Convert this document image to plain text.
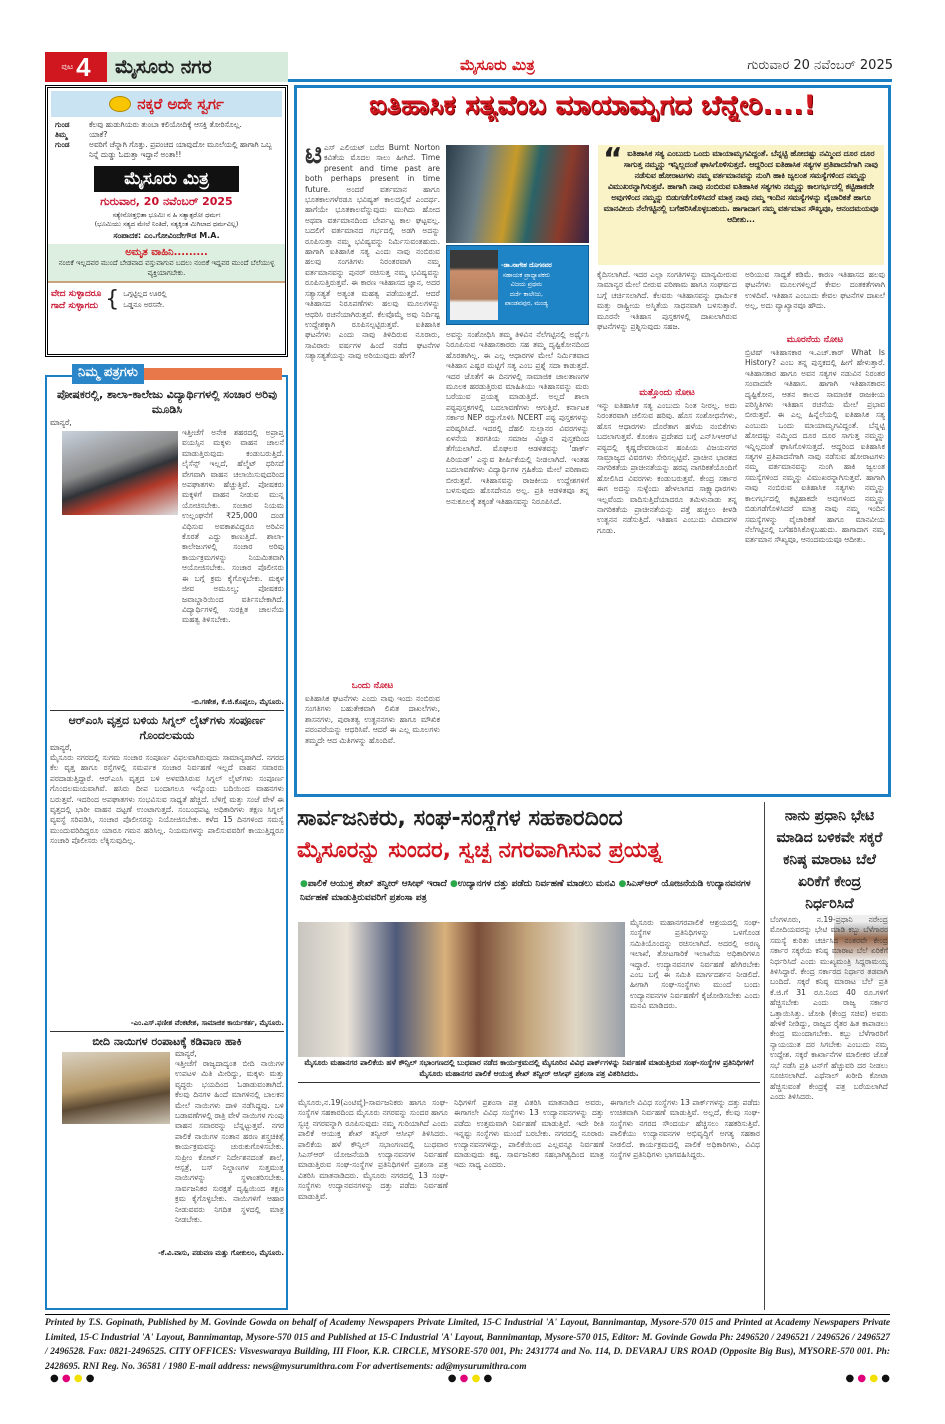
ಪುಟ 4 ಮೈಸೂರು ನಗರ	ಮೈಸೂರು ಮಿತ್ರ	ಗುರುವಾರ 20 ನವೆಂಬರ್ 2025
ನಕ್ಕರೆ ಅದೇ ಸ್ವರ್ಗ
ಗುಂಡ	ಕೆಲವು ಹುಡುಗಿಯರು ತುಂಬಾ ಕಲಿಯೋದಿಕ್ಕೆ ಆಸಕ್ತಿ ತೋರಿಸೊಲ್ಲ.
ತಿಮ್ಮ	ಯಾಕೆ?
ಗುಂಡ	ಅವರಿಗೆ ಚೆನ್ನಾಗಿ ಗೊತ್ತು. ಪ್ರಪಂಚದ ಯಾವುದೋ ಮೂಲೆಯಲ್ಲಿ ಹಾಗಾಗಿ ಒಬ್ಬ ನಿನ್ನೆ ದುಡ್ಡು ಓದುತ್ತಾ ಇದ್ದಾನೆ ಅಂತಾ!!
ಮೈಸೂರು ಮಿತ್ರ
ಗುರುವಾರ, 20 ನವೆಂಬರ್ 2025
ಸತ್ಯೇನೋತ್ತಭಿತಾ ಭೂಮಿಃ ನ ಹಿ ಸತ್ಯಾತ್ಪರೋ ಧರ್ಮಃ
(ಭೂಮಿಯು ಸತ್ಯದ ಮೇಲೆ ನಿಂತಿದೆ, ಸತ್ಯಕ್ಕಿಂತ ಮಿಗಿಲಾದ ಧರ್ಮವಿಲ್ಲ)
ಸಂಪಾದಕ: ಎಂ.ಗೋವಿಂದೇಗೌಡ M.A.
ಅಮೃತ ವಾಹಿನಿ.........
ನಂಬಿಕೆ ಇಲ್ಲದವರ ಮುಂದೆ ಬೇಡವಾದ ವಸ್ತುವಾಗುವ ಬದಲು ನಂಬಿಕೆ ಇದ್ದವರ ಮುಂದೆ ಬೆಲೆಯುಳ್ಳ ವ್ಯಕ್ತಿಯಾಗಬೇಕು.
ವೇದ ಸುಳ್ಳಾದರೂ
ಗಾದೆ ಸುಳ್ಳಾಗದು { ಒಗ್ಗಟ್ಟಿಲ್ಲದ ಊರಲ್ಲಿ
ಒಡ್ಡನೂ ಅರಸನೇ.
ನಿಮ್ಮ ಪತ್ರಗಳು
ಪೋಷಕರಲ್ಲಿ, ಶಾಲಾ-ಕಾಲೇಜು ವಿದ್ಯಾರ್ಥಿಗಳಲ್ಲಿ ಸಂಚಾರ ಅರಿವು ಮೂಡಿಸಿ
ಮಾನ್ಯರೆ,
ಇತ್ತೀಚೆಗೆ ಅನೇಕ ಶಹರದಲ್ಲಿ ಅಪ್ರಾಪ್ತ ವಯಸ್ಸಿನ ಮಕ್ಕಳು ವಾಹನ ಚಾಲನೆ ಮಾಡುತ್ತಿರುವುದು ಕಂಡುಬರುತ್ತಿದೆ. ಲೈಸೆನ್ಸ್ ಇಲ್ಲದೆ, ಹೆಲ್ಮೆಟ್ ಧರಿಸದೆ ವೇಗವಾಗಿ ವಾಹನ ಚಲಾಯಿಸುವುದರಿಂದ ಅಪಘಾತಗಳು ಹೆಚ್ಚುತ್ತಿವೆ. ಪೋಷಕರು ಮಕ್ಕಳಿಗೆ ವಾಹನ ನೀಡುವ ಮುನ್ನ ಯೋಚಿಸಬೇಕು. ಸಂಚಾರ ನಿಯಮ ಉಲ್ಲಂಘನೆಗೆ ₹25,000 ದಂಡ ವಿಧಿಸುವ ಅವಕಾಶವಿದ್ದರೂ ಅರಿವಿನ ಕೊರತೆ ಎದ್ದು ಕಾಣುತ್ತಿದೆ. ಶಾಲಾ-ಕಾಲೇಜುಗಳಲ್ಲಿ ಸಂಚಾರ ಅರಿವು ಕಾರ್ಯಕ್ರಮಗಳನ್ನು ನಿಯಮಿತವಾಗಿ ಆಯೋಜಿಸಬೇಕು. ಸಂಚಾರ ಪೊಲೀಸರು ಈ ಬಗ್ಗೆ ಕ್ರಮ ಕೈಗೊಳ್ಳಬೇಕು. ಮಕ್ಕಳ ಜೀವ ಅಮೂಲ್ಯ; ಪೋಷಕರು ಜವಾಬ್ದಾರಿಯಿಂದ ವರ್ತಿಸಬೇಕಾಗಿದೆ. ವಿದ್ಯಾರ್ಥಿಗಳಲ್ಲಿ ಸುರಕ್ಷಿತ ಚಾಲನೆಯ ಮಹತ್ವ ತಿಳಿಸಬೇಕು.
-ಬಿ.ಗಣೇಶ, ಕೆ.ಜಿ.ಕೊಪ್ಪಲು, ಮೈಸೂರು.
ಆರ್‌ಎಂಸಿ ವೃತ್ತದ ಬಳಿಯ ಸಿಗ್ನಲ್ ಲೈಟ್‌ಗಳು ಸಂಪೂರ್ಣ ಗೊಂದಲಮಯ
ಮಾನ್ಯರೆ,
ಮೈಸೂರು ನಗರದಲ್ಲಿ ಸುಗಮ ಸಂಚಾರ ಸಂಪೂರ್ಣ ವಿಫಲವಾಗಿರುವುದು ಸಾಮಾನ್ಯವಾಗಿದೆ. ನಗರದ ಕೆಲ ವೃತ್ತ ಹಾಗೂ ರಸ್ತೆಗಳಲ್ಲಿ ಸಮರ್ಪಕ ಸಂಚಾರ ನಿರ್ವಹಣೆ ಇಲ್ಲದೆ ವಾಹನ ಸವಾರರು ಪರದಾಡುತ್ತಿದ್ದಾರೆ. ಆರ್‌ಎಂಸಿ ವೃತ್ತದ ಬಳಿ ಅಳವಡಿಸಿರುವ ಸಿಗ್ನಲ್ ಲೈಟ್‌ಗಳು ಸಂಪೂರ್ಣ ಗೊಂದಲಮಯವಾಗಿವೆ. ಹಸಿರು ದೀಪ ಬಂದಾಗಲೂ ಇನ್ನೊಂದು ಬದಿಯಿಂದ ವಾಹನಗಳು ಬರುತ್ತವೆ. ಇದರಿಂದ ಅಪಘಾತಗಳು ಸಂಭವಿಸುವ ಸಾಧ್ಯತೆ ಹೆಚ್ಚಿದೆ. ಬೆಳಿಗ್ಗೆ ಮತ್ತು ಸಂಜೆ ವೇಳೆ ಈ ವೃತ್ತದಲ್ಲಿ ಭಾರೀ ವಾಹನ ದಟ್ಟಣೆ ಉಂಟಾಗುತ್ತದೆ. ಸಂಬಂಧಪಟ್ಟ ಅಧಿಕಾರಿಗಳು ತಕ್ಷಣ ಸಿಗ್ನಲ್ ವ್ಯವಸ್ಥೆ ಸರಿಪಡಿಸಿ, ಸಂಚಾರ ಪೊಲೀಸರನ್ನು ನಿಯೋಜಿಸಬೇಕು. ಕಳೆದ 15 ದಿನಗಳಿಂದ ಸಮಸ್ಯೆ ಮುಂದುವರಿದಿದ್ದರೂ ಯಾರೂ ಗಮನ ಹರಿಸಿಲ್ಲ. ನಿಯಮಗಳನ್ನು ಪಾಲಿಸುವವರಿಗೆ ಕಾಯುತ್ತಿದ್ದರೂ ಸಂಚಾರಿ ಪೊಲೀಸರು ಲೆಕ್ಕಿಸುವುದಿಲ್ಲ.
-ಎಂ.ಎಸ್.ಫಣೀಶ ವೆಂಕಟೇಶ, ಸಾಮಾಜಿಕ ಕಾರ್ಯಕರ್ತ, ಮೈಸೂರು.
ಬೀದಿ ನಾಯಿಗಳ ರಂಪಾಟಕ್ಕೆ ಕಡಿವಾಣ ಹಾಕಿ
ಮಾನ್ಯರೆ,
ಇತ್ತೀಚೆಗೆ ರಾಜ್ಯದಾದ್ಯಂತ ಬೀದಿ ನಾಯಿಗಳ ಉಪಟಳ ಮಿತಿ ಮೀರಿದ್ದು, ಮಕ್ಕಳು ಮತ್ತು ವೃದ್ಧರು ಭಯದಿಂದ ಓಡಾಡುವಂತಾಗಿದೆ. ಕೆಲವು ದಿನಗಳ ಹಿಂದೆ ಮಾಗಳಿನಲ್ಲಿ ಬಾಲಕನ ಮೇಲೆ ನಾಯಿಗಳು ದಾಳಿ ನಡೆಸಿದ್ದವು. ಬಳಿ ಬಡಾವಣೆಗಳಲ್ಲಿ ರಾತ್ರಿ ವೇಳೆ ನಾಯಿಗಳ ಗುಂಪು ವಾಹನ ಸವಾರರನ್ನು ಬೆನ್ನಟ್ಟುತ್ತವೆ. ನಗರ ಪಾಲಿಕೆ ನಾಯಿಗಳ ಸಂತಾನ ಹರಣ ಶಸ್ತ್ರಚಿಕಿತ್ಸೆ ಕಾರ್ಯಕ್ರಮವನ್ನು ಚುರುಕುಗೊಳಿಸಬೇಕು. ಸುಪ್ರೀಂ ಕೋರ್ಟ್ ನಿರ್ದೇಶನದಂತೆ ಶಾಲೆ, ಆಸ್ಪತ್ರೆ, ಬಸ್ ನಿಲ್ದಾಣಗಳ ಸುತ್ತಮುತ್ತ ನಾಯಿಗಳನ್ನು ಸ್ಥಳಾಂತರಿಸಬೇಕು. ಸಾರ್ವಜನಿಕರ ಸುರಕ್ಷತೆ ದೃಷ್ಟಿಯಿಂದ ತಕ್ಷಣ ಕ್ರಮ ಕೈಗೊಳ್ಳಬೇಕು. ನಾಯಿಗಳಿಗೆ ಆಹಾರ ನೀಡುವವರು ನಿಗದಿತ ಸ್ಥಳದಲ್ಲಿ ಮಾತ್ರ ನೀಡಬೇಕು.
-ಕೆ.ವಿ.ವಾಸು, ಪಡುವಣ ಮತ್ತು ಗೋಕುಲಂ, ಮೈಸೂರು.
ಐತಿಹಾಸಿಕ ಸತ್ಯವೆಂಬ ಮಾಯಾಮೃಗದ ಬೆನ್ನೇರಿ....!
ಟಿ ಎಸ್ ಎಲಿಯಟ್ ಬರೆದ Burnt Norton ಕವಿತೆಯ ಮೊದಲ ಸಾಲು ಹೀಗಿದೆ. Time present and time past are both perhaps present in time future. ಅಂದರೆ ವರ್ತಮಾನ ಹಾಗೂ ಭೂತಕಾಲಗಳೆರಡೂ ಭವಿಷ್ಯತ್ ಕಾಲದಲ್ಲಿವೆ ಎಂದರ್ಥ. ಹಾಗೆಯೇ ಭೂತಕಾಲವೆನ್ನುವುದು ಮುಗಿದು ಹೋದ ಅಥವಾ ವರ್ತಮಾನದಿಂದ ಬೇರ್ಪಟ್ಟ ಕಾಲ ಘಟ್ಟವಲ್ಲ. ಬದಲಿಗೆ ವರ್ತಮಾನದ ಗರ್ಭದಲ್ಲಿ ಅಡಗಿ ಅದನ್ನು ರೂಪಿಸುತ್ತಾ ನಮ್ಮ ಭವಿಷ್ಯವನ್ನು ನಿರ್ಮಿಸುವಂತಹುದು. ಹಾಗಾಗಿ ಐತಿಹಾಸಿಕ ಸತ್ಯ ಎಂದು ನಾವು ನಂಬಿರುವ ಹಲವು ಸಂಗತಿಗಳು ನಿರಂತರವಾಗಿ ನಮ್ಮ ವರ್ತಮಾನವನ್ನು ಪುನರ್ ರಚಿಸುತ್ತ ನಮ್ಮ ಭವಿಷ್ಯವನ್ನು ರೂಪಿಸುತ್ತಿರುತ್ತವೆ. ಈ ಕಾರಣ ಇತಿಹಾಸದ ಜ್ಞಾನ, ಅದರ ಸತ್ಯಾಸತ್ಯತೆ ಅತ್ಯಂತ ಮಹತ್ವ ಪಡೆಯುತ್ತದೆ. ಆದರೆ ಇತಿಹಾಸದ ನಿರೂಪಣೆಗಳು ಹಲವು ಮೂಲಗಳನ್ನು ಆಧರಿಸಿ ರಚನೆಯಾಗಿರುತ್ತವೆ. ಕೆಲವೊಮ್ಮೆ ಅವು ನಿರ್ದಿಷ್ಟ ಉದ್ದೇಶಕ್ಕಾಗಿ ರೂಪಿಸಲ್ಪಟ್ಟಿರುತ್ತವೆ. ಐತಿಹಾಸಿಕ ಘಟನೆಗಳು ಎಂದು ನಾವು ತಿಳಿದಿರುವ ನೂರಾರು, ಸಾವಿರಾರು ವರ್ಷಗಳ ಹಿಂದೆ ನಡೆದ ಘಟನೆಗಳ ಸತ್ಯಾಸತ್ಯತೆಯನ್ನು ನಾವು ಅರಿಯುವುದು ಹೇಗೆ?
ಒಂದು ನೋಟ
ಐತಿಹಾಸಿಕ ಘಟನೆಗಳು ಎಂದು ನಾವು ಇಂದು ನಂಬಿರುವ ಸಂಗತಿಗಳು ಬಹುತೇಕವಾಗಿ ಲಿಖಿತ ದಾಖಲೆಗಳು, ಶಾಸನಗಳು, ಪುರಾತತ್ವ ಉತ್ಖನನಗಳು ಹಾಗೂ ಮೌಖಿಕ ಪರಂಪರೆಯನ್ನು ಆಧರಿಸಿವೆ. ಆದರೆ ಈ ಎಲ್ಲ ಮೂಲಗಳು ತಮ್ಮದೇ ಆದ ಮಿತಿಗಳನ್ನು ಹೊಂದಿವೆ.
-ಡಾ.ನಾಗೇಶ ದೊಗನವರ
ಸಹಾಯಕ ಪ್ರಾಧ್ಯಾಪಕರು
ವಿಜಯ ಪ್ರಥಮ
ದರ್ಜೆ ಕಾಲೇಜು,
ಪಾಂಡವಪುರ, ಮಂಡ್ಯ
“ ಐತಿಹಾಸಿಕ ಸತ್ಯ ಎಂಬುದು ಒಂದು ಮಾಯಾಮೃಗವಿದ್ದಂತೆ. ಬೆನ್ನಟ್ಟಿ ಹೋದಷ್ಟು ನಮ್ಮಿಂದ ದೂರ ದೂರ ಸಾಗುತ್ತ ನಮ್ಮನ್ನು ಇನ್ನಿಲ್ಲದಂತೆ ಘಾಸಿಗೊಳಿಸುತ್ತದೆ. ಆದ್ದರಿಂದ ಐತಿಹಾಸಿಕ ಸತ್ಯಗಳ ಪ್ರತಿಪಾದನೆಗಾಗಿ ನಾವು ನಡೆಸುವ ಹೋರಾಟಗಳು ನಮ್ಮ ವರ್ತಮಾನವನ್ನು ನುಂಗಿ ಹಾಕಿ ಜ್ವಲಂತ ಸಮಸ್ಯೆಗಳಿಂದ ನಮ್ಮನ್ನು ವಿಮುಖರನ್ನಾಗಿಸುತ್ತವೆ. ಹಾಗಾಗಿ ನಾವು ನಂಬಿರುವ ಐತಿಹಾಸಿಕ ಸತ್ಯಗಳು ನಮ್ಮನ್ನು ಕಾಲಗರ್ಭದಲ್ಲಿ ಕಟ್ಟಿಹಾಕದೇ ಅವುಗಳಿಂದ ನಮ್ಮನ್ನು ಬಿಡುಗಡೆಗೊಳಿಸಿದರೆ ಮಾತ್ರ ನಾವು ನಮ್ಮ ಇಂದಿನ ಸಮಸ್ಯೆಗಳನ್ನು ವೈಚಾರಿಕತೆ ಹಾಗೂ ಮಾನವೀಯ ನೆಲೆಗಟ್ಟಿನಲ್ಲಿ ಬಗೆಹರಿಸಿಕೊಳ್ಳಬಹುದು. ಹಾಗಾದಾಗ ನಮ್ಮ ವರ್ತಮಾನ ಸೌಖ್ಯವೂ, ಆನಂದಮಯವೂ ಆದೀತು...
ಅವನ್ನು ಸಂಶೋಧಿಸಿ ತಮ್ಮ ತಿಳಿವಿನ ನೆಲೆಗಟ್ಟಿನಲ್ಲಿ ಅರ್ಥೈಸಿ ನಿರೂಪಿಸುವ ಇತಿಹಾಸಕಾರರು ಸಹ ತಮ್ಮ ದೃಷ್ಟಿಕೋನದಿಂದ ಹೊರತಾಗಿಲ್ಲ. ಈ ಎಲ್ಲ ಆಧಾರಗಳ ಮೇಲೆ ನಿರ್ಮಿತವಾದ ಇತಿಹಾಸ ಎಷ್ಟರ ಮಟ್ಟಿಗೆ ಸತ್ಯ ಎಂಬ ಪ್ರಶ್ನೆ ಸದಾ ಕಾಡುತ್ತದೆ. ಇದರ ಜೊತೆಗೆ ಈ ದಿನಗಳಲ್ಲಿ ಸಾಮಾಜಿಕ ಜಾಲತಾಣಗಳ ಮೂಲಕ ಹರಡುತ್ತಿರುವ ಮಾಹಿತಿಯು ಇತಿಹಾಸವನ್ನು ಮರು ಬರೆಯುವ ಪ್ರಯತ್ನ ಮಾಡುತ್ತಿದೆ. ಅಲ್ಲದೆ ಶಾಲಾ ಪಠ್ಯಪುಸ್ತಕಗಳಲ್ಲಿ ಬದಲಾವಣೆಗಳು ಆಗುತ್ತಿವೆ. ಕರ್ನಾಟಕ ಸರ್ಕಾರ NEP ರದ್ದುಗೊಳಿಸಿ NCERT ಪಠ್ಯ ಪುಸ್ತಕಗಳನ್ನು ಪರಿಷ್ಕರಿಸಿದೆ. ಇದರಲ್ಲಿ ದೆಹಲಿ ಸುಲ್ತಾನರ ವಿವರಗಳನ್ನು ಏಳನೆಯ ತರಗತಿಯ ಸಮಾಜ ವಿಜ್ಞಾನ ಪುಸ್ತಕದಿಂದ ತೆಗೆಯಲಾಗಿದೆ. ಮೊಘಲರ ಆಡಳಿತವನ್ನು 'ಡಾರ್ಕ್ ಪಿರಿಯಡ್' ಎನ್ನುವ ಶೀರ್ಷಿಕೆಯಲ್ಲಿ ನೀಡಲಾಗಿದೆ. ಇಂತಹ ಬದಲಾವಣೆಗಳು ವಿದ್ಯಾರ್ಥಿಗಳ ಗ್ರಹಿಕೆಯ ಮೇಲೆ ಪರಿಣಾಮ ಬೀರುತ್ತವೆ. ಇತಿಹಾಸವನ್ನು ರಾಜಕೀಯ ಉದ್ದೇಶಗಳಿಗೆ ಬಳಸುವುದು ಹೊಸದೇನೂ ಅಲ್ಲ. ಪ್ರತಿ ಆಡಳಿತವೂ ತನ್ನ ಅನುಕೂಲಕ್ಕೆ ತಕ್ಕಂತೆ ಇತಿಹಾಸವನ್ನು ನಿರೂಪಿಸಿದೆ.
ಕೈದಿಸಲಾಗಿದೆ. ಇದರ ಎಲ್ಲಾ ಸಂಗತಿಗಳನ್ನು ಮಾನ್ಯಮೀರುವ ಸಾಮಾನ್ಯರ ಮೇಲೆ ಬೀರುವ ಪರಿಣಾಮ ಹಾಗೂ ಸಂಘರ್ಷದ ಬಗ್ಗೆ ಚರ್ಚಿಸಲಾಗಿದೆ. ಕೆಲವರು ಇತಿಹಾಸವನ್ನು ಧಾರ್ಮಿಕ ಮತ್ತು ರಾಷ್ಟ್ರೀಯ ಅಸ್ಮಿತೆಯ ಸಾಧನವಾಗಿ ಬಳಸುತ್ತಾರೆ. ಮೂರನೇ ಇತಿಹಾಸ ಪುಸ್ತಕಗಳಲ್ಲಿ ದಾಖಲಾಗಿರುವ ಘಟನೆಗಳನ್ನು ಪ್ರಶ್ನಿಸುವುದು ಸಹಜ.
ಮತ್ತೊಂದು ನೋಟ
ಇನ್ನು ಐತಿಹಾಸಿಕ ಸತ್ಯ ಎಂಬುದು ನಿಂತ ನೀರಲ್ಲ. ಅದು ನಿರಂತರವಾಗಿ ಚಲಿಸುವ ಹರಿವು. ಹೊಸ ಸಂಶೋಧನೆಗಳು, ಹೊಸ ಆಧಾರಗಳು ದೊರೆತಾಗ ಹಳೆಯ ನಂಬಿಕೆಗಳು ಬದಲಾಗುತ್ತವೆ. ಕೊಂಕಣ ಪ್ರದೇಶದ ಬಗ್ಗೆ ಎನ್‌ಸಿಇಆರ್‌ಟಿ ಪಠ್ಯದಲ್ಲಿ ಕೃಷ್ಣದೇವರಾಯನ ಹಂಪಿಯ ವಿಜಯನಗರ ಸಾಮ್ರಾಜ್ಯದ ವಿವರಗಳು ಸೇರಿಸಲ್ಪಟ್ಟಿವೆ. ಪ್ರಾಚೀನ ಭಾರತದ ನಾಗರಿಕತೆಯ ಪ್ರಾಚೀನತೆಯನ್ನು ಹರಪ್ಪ ನಾಗರಿಕತೆಯೊಂದಿಗೆ ಹೋಲಿಸಿದ ವಿವರಗಳು ಕಂಡುಬರುತ್ತವೆ. ಕೇಂದ್ರ ಸರ್ಕಾರ ಈಗ ಅದನ್ನು ಸುಳ್ಳೆಂದು ಹೇಳಲಾಗದ ಸಾಕ್ಷ್ಯಾಧಾರಗಳು ಇಲ್ಲವೆಂದು ವಾದಿಸುತ್ತಿದೆಯಾದರೂ ತಮಿಳುನಾಡು ತನ್ನ ನಾಗರಿಕತೆಯ ಪ್ರಾಚೀನತೆಯನ್ನು ಪತ್ತೆ ಹಚ್ಚಲು ಕೀಳಡಿ ಉತ್ಖನನ ನಡೆಸುತ್ತಿದೆ. ಇತಿಹಾಸ ಎಂಬುದು ವಿವಾದಗಳ ಗೂಡು.
ಅರಿಯುವ ಸಾಧ್ಯತೆ ಕಡಿಮೆ. ಕಾರಣ ಇತಿಹಾಸದ ಹಲವು ಘಟನೆಗಳು ಮೂಲಗಳಿಲ್ಲದೆ ಕೇವಲ ದಂತಕತೆಗಳಾಗಿ ಉಳಿದಿವೆ. ಇತಿಹಾಸ ಎಂಬುದು ಕೇವಲ ಘಟನೆಗಳ ದಾಖಲೆ ಅಲ್ಲ, ಅದು ವ್ಯಾಖ್ಯಾನವೂ ಹೌದು.
ಮೂರನೆಯ ನೋಟ
ಬ್ರಿಟಿಷ್ ಇತಿಹಾಸಕಾರ ಇ.ಎಚ್.ಕಾರ್ What Is History? ಎಂಬ ತನ್ನ ಪುಸ್ತಕದಲ್ಲಿ ಹೀಗೆ ಹೇಳುತ್ತಾರೆ. ಇತಿಹಾಸಕಾರ ಹಾಗೂ ಅವನ ಸತ್ಯಗಳ ನಡುವಿನ ನಿರಂತರ ಸಂವಾದವೇ ಇತಿಹಾಸ. ಹಾಗಾಗಿ ಇತಿಹಾಸಕಾರನ ದೃಷ್ಟಿಕೋನ, ಆತನ ಕಾಲದ ಸಾಮಾಜಿಕ ರಾಜಕೀಯ ಪರಿಸ್ಥಿತಿಗಳು ಇತಿಹಾಸ ರಚನೆಯ ಮೇಲೆ ಪ್ರಭಾವ ಬೀರುತ್ತವೆ. ಈ ಎಲ್ಲ ಹಿನ್ನೆಲೆಯಲ್ಲಿ ಐತಿಹಾಸಿಕ ಸತ್ಯ ಎಂಬುದು ಒಂದು ಮಾಯಾಮೃಗವಿದ್ದಂತೆ. ಬೆನ್ನಟ್ಟಿ ಹೋದಷ್ಟು ನಮ್ಮಿಂದ ದೂರ ದೂರ ಸಾಗುತ್ತ ನಮ್ಮನ್ನು ಇನ್ನಿಲ್ಲದಂತೆ ಘಾಸಿಗೊಳಿಸುತ್ತದೆ. ಆದ್ದರಿಂದ ಐತಿಹಾಸಿಕ ಸತ್ಯಗಳ ಪ್ರತಿಪಾದನೆಗಾಗಿ ನಾವು ನಡೆಸುವ ಹೋರಾಟಗಳು ನಮ್ಮ ವರ್ತಮಾನವನ್ನು ನುಂಗಿ ಹಾಕಿ ಜ್ವಲಂತ ಸಮಸ್ಯೆಗಳಿಂದ ನಮ್ಮನ್ನು ವಿಮುಖರನ್ನಾಗಿಸುತ್ತವೆ. ಹಾಗಾಗಿ ನಾವು ನಂಬಿರುವ ಐತಿಹಾಸಿಕ ಸತ್ಯಗಳು ನಮ್ಮನ್ನು ಕಾಲಗರ್ಭದಲ್ಲಿ ಕಟ್ಟಿಹಾಕದೇ ಅವುಗಳಿಂದ ನಮ್ಮನ್ನು ಬಿಡುಗಡೆಗೊಳಿಸಿದರೆ ಮಾತ್ರ ನಾವು ನಮ್ಮ ಇಂದಿನ ಸಮಸ್ಯೆಗಳನ್ನು ವೈಚಾರಿಕತೆ ಹಾಗೂ ಮಾನವೀಯ ನೆಲೆಗಟ್ಟಿನಲ್ಲಿ ಬಗೆಹರಿಸಿಕೊಳ್ಳಬಹುದು. ಹಾಗಾದಾಗ ನಮ್ಮ ವರ್ತಮಾನ ಸೌಖ್ಯವೂ, ಆನಂದಮಯವೂ ಆದೀತು.
ಸಾರ್ವಜನಿಕರು, ಸಂಘ-ಸಂಸ್ಥೆಗಳ ಸಹಕಾರದಿಂದ
ಮೈಸೂರನ್ನು ಸುಂದರ, ಸ್ವಚ್ಛ ನಗರವಾಗಿಸುವ ಪ್ರಯತ್ನ
●ಪಾಲಿಕೆ ಆಯುಕ್ತ ಶೇಖ್ ತನ್ವೀರ್ ಆಸೀಫ್ ಇರಾದೆ ●ಉದ್ಯಾನಗಳ ದತ್ತು ಪಡೆದು ನಿರ್ವಹಣೆ ಮಾಡಲು ಮನವಿ ●ಸಿಎಸ್‌ಆರ್ ಯೋಜನೆಯಡಿ ಉದ್ಯಾನವನಗಳ ನಿರ್ವಹಣೆ ಮಾಡುತ್ತಿರುವವರಿಗೆ ಪ್ರಶಂಸಾ ಪತ್ರ
ಮೈಸೂರು ಮಹಾನಗರಪಾಲಿಕೆ ಆಶ್ರಯದಲ್ಲಿ ಸಂಘ-ಸಂಸ್ಥೆಗಳ ಪ್ರತಿನಿಧಿಗಳನ್ನು ಒಳಗೊಂಡ ಸಮಿತಿಯೊಂದನ್ನು ರಚಿಸಲಾಗಿದೆ. ಅದರಲ್ಲಿ ಅರಣ್ಯ ಇಲಾಖೆ, ತೋಟಗಾರಿಕೆ ಇಲಾಖೆಯ ಅಧಿಕಾರಿಗಳೂ ಇದ್ದಾರೆ. ಉದ್ಯಾನವನಗಳ ನಿರ್ವಹಣೆ ಹೇಗಿರಬೇಕು ಎಂಬ ಬಗ್ಗೆ ಈ ಸಮಿತಿ ಮಾರ್ಗದರ್ಶನ ನೀಡಲಿದೆ. ಹೀಗಾಗಿ ಸಂಘ-ಸಂಸ್ಥೆಗಳು ಮುಂದೆ ಬಂದು ಉದ್ಯಾನವನಗಳ ನಿರ್ವಹಣೆಗೆ ಕೈಜೋಡಿಸಬೇಕು ಎಂದು ಮನವಿ ಮಾಡಿದರು.
ಮೈಸೂರು ಮಹಾನಗರ ಪಾಲಿಕೆಯ ಹಳೆ ಕೌನ್ಸಿಲ್ ಸಭಾಂಗಣದಲ್ಲಿ ಬುಧವಾರ ನಡೆದ ಕಾರ್ಯಕ್ರಮದಲ್ಲಿ ಮೈಸೂರಿನ ವಿವಿಧ ಪಾರ್ಕ್‌ಗಳನ್ನು ನಿರ್ವಹಣೆ ಮಾಡುತ್ತಿರುವ ಸಂಘ-ಸಂಸ್ಥೆಗಳ ಪ್ರತಿನಿಧಿಗಳಿಗೆ ಮೈಸೂರು ಮಹಾನಗರ ಪಾಲಿಕೆ ಆಯುಕ್ತ ಶೇಖ್ ತನ್ವೀರ್ ಆಸೀಫ್ ಪ್ರಶಂಸಾ ಪತ್ರ ವಿತರಿಸಿದರು.
ಮೈಸೂರು,ನ.19(ಎಂಟಿವೈ)-ಸಾರ್ವಜನಿಕರು ಹಾಗೂ ಸಂಘ-ಸಂಸ್ಥೆಗಳ ಸಹಕಾರದಿಂದ ಮೈಸೂರು ನಗರವನ್ನು ಸುಂದರ ಹಾಗೂ ಸ್ವಚ್ಛ ನಗರವನ್ನಾಗಿ ರೂಪಿಸುವುದು ನಮ್ಮ ಗುರಿಯಾಗಿದೆ ಎಂದು ಪಾಲಿಕೆ ಆಯುಕ್ತ ಶೇಖ್ ತನ್ವೀರ್ ಆಸೀಫ್ ತಿಳಿಸಿದರು. ಪಾಲಿಕೆಯ ಹಳೆ ಕೌನ್ಸಿಲ್ ಸಭಾಂಗಣದಲ್ಲಿ ಬುಧವಾರ ಸಿಎಸ್‌ಆರ್ ಯೋಜನೆಯಡಿ ಉದ್ಯಾನವನಗಳ ನಿರ್ವಹಣೆ ಮಾಡುತ್ತಿರುವ ಸಂಘ-ಸಂಸ್ಥೆಗಳ ಪ್ರತಿನಿಧಿಗಳಿಗೆ ಪ್ರಶಂಸಾ ಪತ್ರ ವಿತರಿಸಿ ಮಾತನಾಡಿದರು. ಮೈಸೂರು ನಗರದಲ್ಲಿ 13 ಸಂಘ-ಸಂಸ್ಥೆಗಳು ಉದ್ಯಾನವನಗಳನ್ನು ದತ್ತು ಪಡೆದು ನಿರ್ವಹಣೆ ಮಾಡುತ್ತಿವೆ.
ನಿಧಿಗಳಿಗೆ ಪ್ರಶಂಸಾ ಪತ್ರ ವಿತರಿಸಿ ಮಾತನಾಡಿದ ಅವರು, ಈಗಾಗಲೇ ವಿವಿಧ ಸಂಸ್ಥೆಗಳು 13 ಉದ್ಯಾನವನಗಳನ್ನು ದತ್ತು ಪಡೆದು ಉತ್ತಮವಾಗಿ ನಿರ್ವಹಣೆ ಮಾಡುತ್ತಿವೆ. ಇದೇ ರೀತಿ ಇನ್ನಷ್ಟು ಸಂಸ್ಥೆಗಳು ಮುಂದೆ ಬರಬೇಕು. ನಗರದಲ್ಲಿ ನೂರಾರು ಉದ್ಯಾನವನಗಳಿದ್ದು, ಪಾಲಿಕೆಯಿಂದ ಎಲ್ಲವನ್ನೂ ನಿರ್ವಹಣೆ ಮಾಡುವುದು ಕಷ್ಟ. ಸಾರ್ವಜನಿಕರ ಸಹಭಾಗಿತ್ವದಿಂದ ಮಾತ್ರ ಇದು ಸಾಧ್ಯ ಎಂದರು.
ಈಗಾಗಲೇ ವಿವಿಧ ಸಂಸ್ಥೆಗಳು 13 ಪಾರ್ಕ್‌ಗಳನ್ನು ದತ್ತು ಪಡೆದು ಉಚಿತವಾಗಿ ನಿರ್ವಹಣೆ ಮಾಡುತ್ತಿವೆ. ಅಲ್ಲದೆ, ಕೆಲವು ಸಂಘ-ಸಂಸ್ಥೆಗಳು ನಗರದ ಸೌಂದರ್ಯ ಹೆಚ್ಚಿಸಲು ಸಹಕರಿಸುತ್ತಿವೆ. ಪಾಲಿಕೆಯು ಉದ್ಯಾನವನಗಳ ಅಭಿವೃದ್ಧಿಗೆ ಅಗತ್ಯ ಸಹಕಾರ ನೀಡಲಿದೆ. ಕಾರ್ಯಕ್ರಮದಲ್ಲಿ ಪಾಲಿಕೆ ಅಧಿಕಾರಿಗಳು, ವಿವಿಧ ಸಂಸ್ಥೆಗಳ ಪ್ರತಿನಿಧಿಗಳು ಭಾಗವಹಿಸಿದ್ದರು.
ನಾನು ಪ್ರಧಾನಿ ಭೇಟಿ ಮಾಡಿದ ಬಳಿಕವೇ ಸಕ್ಕರೆ ಕನಿಷ್ಠ ಮಾರಾಟ ಬೆಲೆ ಏರಿಕೆಗೆ ಕೇಂದ್ರ ನಿರ್ಧರಿಸಿದೆ
ಬೆಂಗಳೂರು, ನ.19-ಪ್ರಧಾನಿ ನರೇಂದ್ರ ಮೋದಿಯವರನ್ನು ಭೇಟಿ ಮಾಡಿ ಕಬ್ಬು ಬೆಳೆಗಾರರ ಸಮಸ್ಯೆ ಕುರಿತು ಚರ್ಚಿಸಿದ ನಂತರವೇ ಕೇಂದ್ರ ಸರ್ಕಾರ ಸಕ್ಕರೆಯ ಕನಿಷ್ಠ ಮಾರಾಟ ಬೆಲೆ ಏರಿಕೆಗೆ ನಿರ್ಧರಿಸಿದೆ ಎಂದು ಮುಖ್ಯಮಂತ್ರಿ ಸಿದ್ದರಾಮಯ್ಯ ತಿಳಿಸಿದ್ದಾರೆ. ಕೇಂದ್ರ ಸರ್ಕಾರದ ನಿರ್ಧಾರ ತಡವಾಗಿ ಬಂದಿದೆ. ಸಕ್ಕರೆ ಕನಿಷ್ಠ ಮಾರಾಟ ಬೆಲೆ ಪ್ರತಿ ಕೆ.ಜಿ.ಗೆ 31 ರೂ.ನಿಂದ 40 ರೂ.ಗಳಿಗೆ ಹೆಚ್ಚಿಸಬೇಕು ಎಂದು ರಾಜ್ಯ ಸರ್ಕಾರ ಒತ್ತಾಯಿಸಿತ್ತು. ಜೋಶಿ (ಕೇಂದ್ರ ಸಚಿವ) ಅವರು ಹೇಳಿಕೆ ನೀಡಿದ್ದು, ರಾಜ್ಯದ ರೈತರ ಹಿತ ಕಾಪಾಡಲು ಕೇಂದ್ರ ಮುಂದಾಗಬೇಕು. ಕಬ್ಬು ಬೆಳೆಗಾರರಿಗೆ ನ್ಯಾಯಯುತ ದರ ಸಿಗಬೇಕು ಎಂಬುದು ನಮ್ಮ ಉದ್ದೇಶ. ಸಕ್ಕರೆ ಕಾರ್ಖಾನೆಗಳ ಮಾಲೀಕರ ಜೊತೆ ಸಭೆ ನಡೆಸಿ ಪ್ರತಿ ಟನ್‌ಗೆ ಹೆಚ್ಚುವರಿ ದರ ನೀಡಲು ಸೂಚಿಸಲಾಗಿದೆ. ಎಥೆನಾಲ್ ಖರೀದಿ ಕೋಟಾ ಹೆಚ್ಚಿಸುವಂತೆ ಕೇಂದ್ರಕ್ಕೆ ಪತ್ರ ಬರೆಯಲಾಗಿದೆ ಎಂದು ತಿಳಿಸಿದರು.
Printed by T.S. Gopinath, Published by M. Govinde Gowda on behalf of Academy Newspapers Private Limited, 15-C Industrial 'A' Layout, Bannimantap, Mysore-570 015 and Printed at Academy Newspapers Private Limited, 15-C Industrial 'A' Layout, Bannimantap, Mysore-570 015 and Published at 15-C Industrial 'A' Layout, Bannimantap, Mysore-570 015, Editor: M. Govinde Gowda Ph: 2496520 / 2496521 / 2496526 / 2496527 / 2496528. Fax: 0821-2496525. CITY OFFICES: Visveswaraya Building, III Floor, K.R. CIRCLE, MYSORE-570 001, Ph: 2431774 and No. 114, D. DEVARAJ URS ROAD (Opposite Big Bus), MYSORE-570 001. Ph: 2428695. RNI Reg. No. 36581 / 1980 E-mail address: news@mysurumithra.com For advertisements: ad@mysurumithra.com
● ● ● ●	● ● ● ●	● ● ● ●
